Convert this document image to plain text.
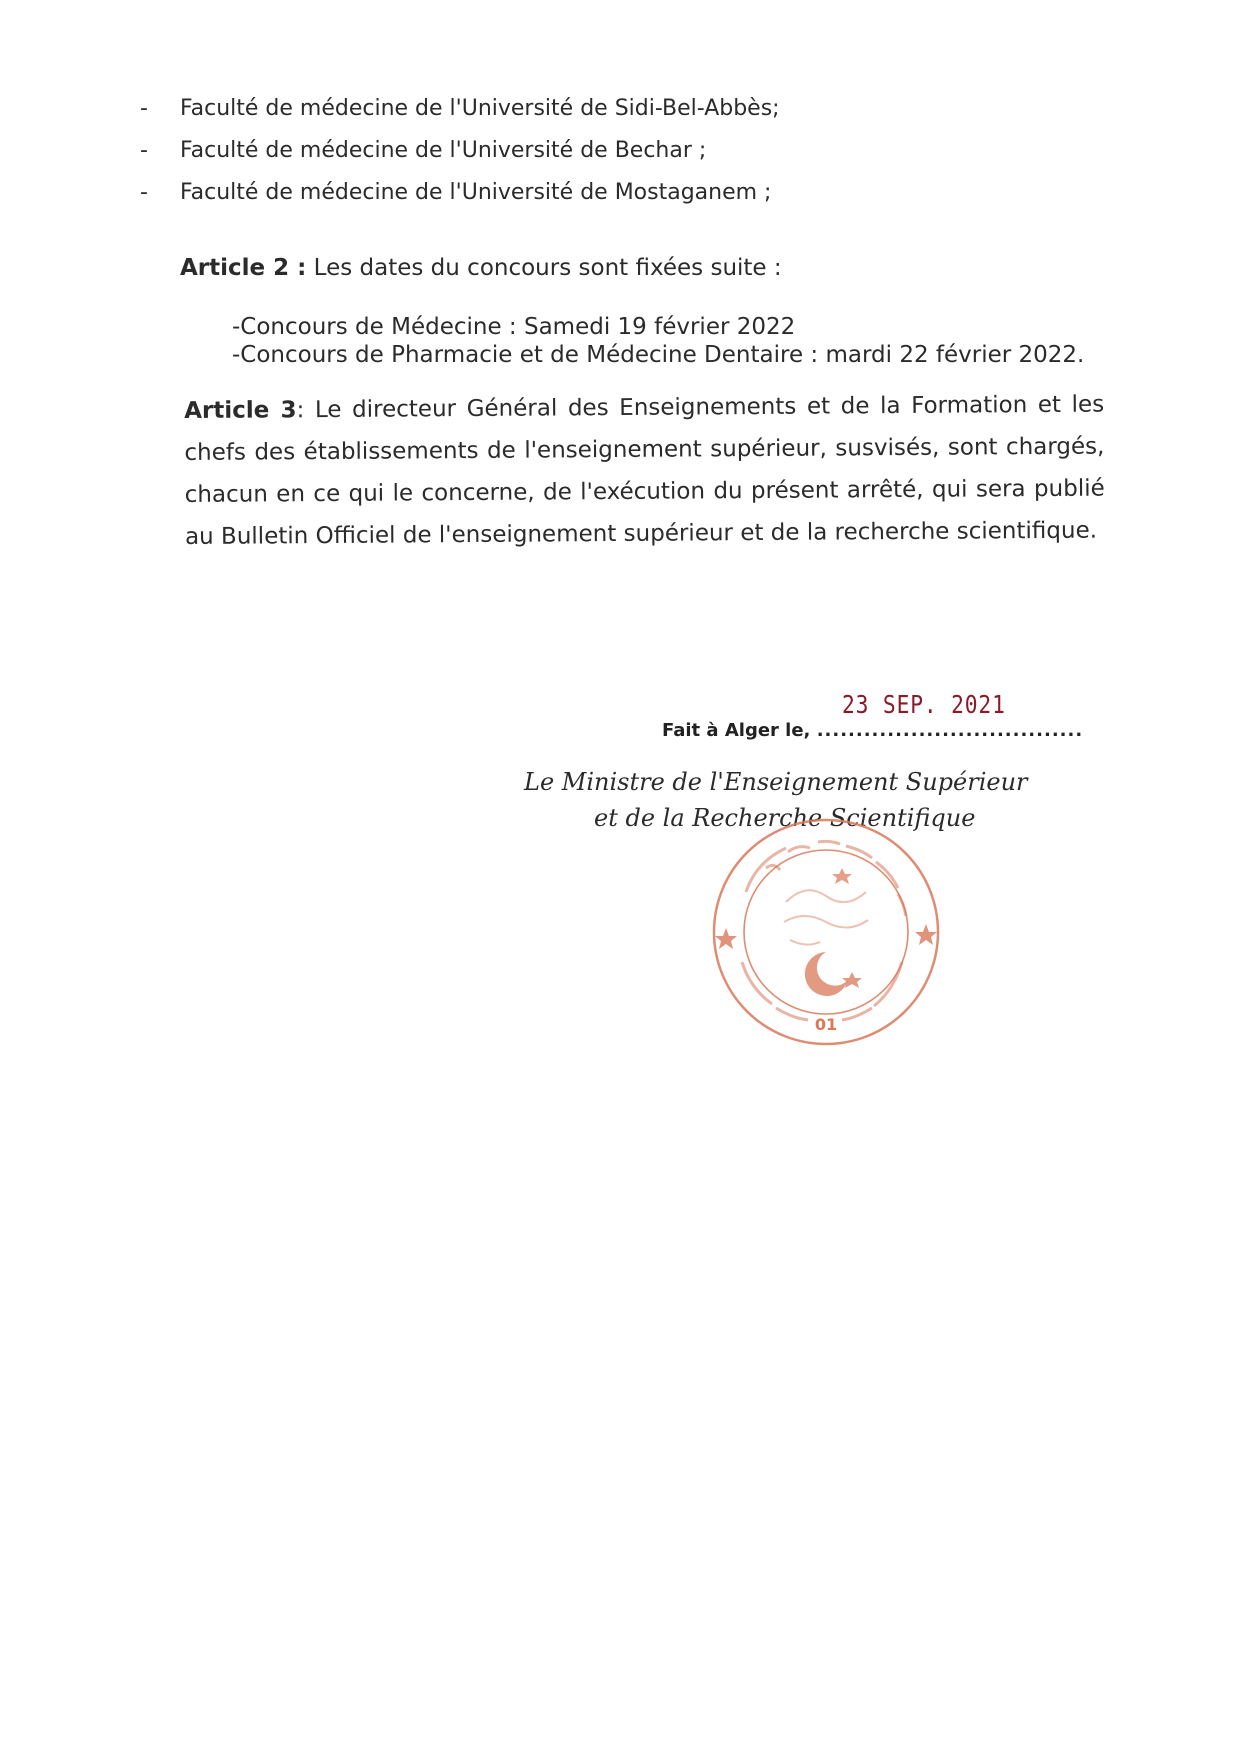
- Faculté de médecine de l'Université de Sidi-Bel-Abbès;
- Faculté de médecine de l'Université de Bechar ;
- Faculté de médecine de l'Université de Mostaganem ;
Article 2 : Les dates du concours sont fixées suite :
-Concours de Médecine : Samedi 19 février 2022
-Concours de Pharmacie et de Médecine Dentaire : mardi 22 février 2022.
Article 3: Le directeur Général des Enseignements et de la Formation et les chefs des établissements de l'enseignement supérieur, susvisés, sont chargés, chacun en ce qui le concerne, de l'exécution du présent arrêté, qui sera publié au Bulletin Officiel de l'enseignement supérieur et de la recherche scientifique.
23 SEP. 2021
Fait à Alger le, ..................................
Le Ministre de l'Enseignement Supérieur
et de la Recherche Scientifique
01
